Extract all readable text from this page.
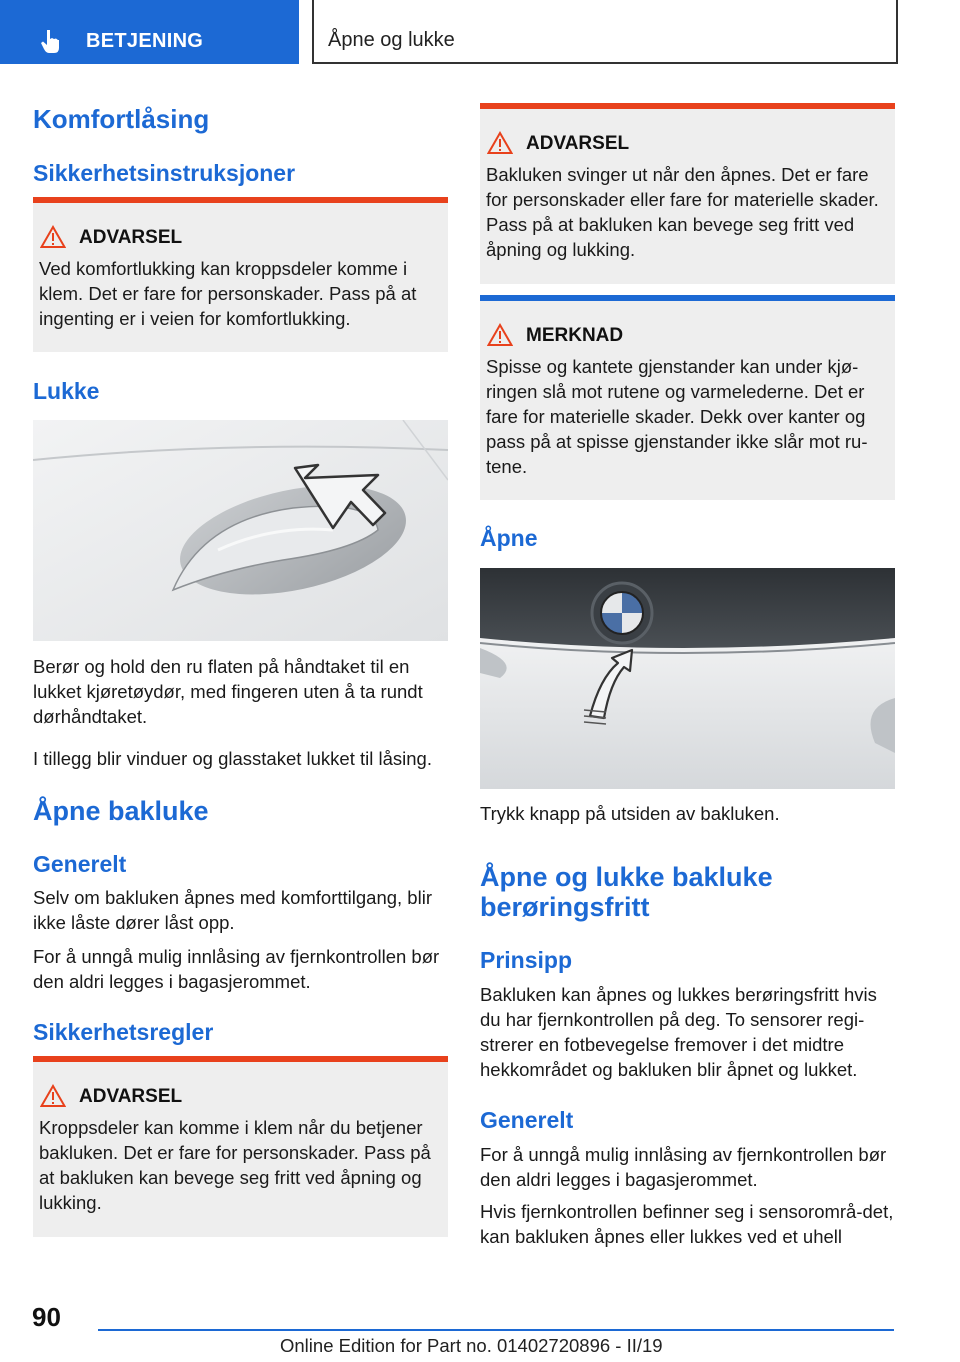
BETJENING	Åpne og lukke
Komfortlåsing
Sikkerhetsinstruksjoner
ADVARSEL
Ved komfortlukking kan kroppsdeler komme i klem. Det er fare for personskader. Pass på at ingenting er i veien for komfortlukking.
Lukke
Berør og hold den ru flaten på håndtaket til en lukket kjøretøydør, med fingeren uten å ta rundt dørhåndtaket.
I tillegg blir vinduer og glasstaket lukket til låsing.
Åpne bakluke
Generelt
Selv om bakluken åpnes med komforttilgang, blir ikke låste dører låst opp.
For å unngå mulig innlåsing av fjernkontrollen bør den aldri legges i bagasjerommet.
Sikkerhetsregler
ADVARSEL
Kroppsdeler kan komme i klem når du betjener bakluken. Det er fare for personskader. Pass på at bakluken kan bevege seg fritt ved åpning og lukking.
ADVARSEL
Bakluken svinger ut når den åpnes. Det er fare for personskader eller fare for materielle skader. Pass på at bakluken kan bevege seg fritt ved åpning og lukking.
MERKNAD
Spisse og kantete gjenstander kan under kjø‐ringen slå mot rutene og varmelederne. Det er fare for materielle skader. Dekk over kanter og pass på at spisse gjenstander ikke slår mot ru‐tene.
Åpne
Trykk knapp på utsiden av bakluken.
Åpne og lukke bakluke
berøringsfritt
Prinsipp
Bakluken kan åpnes og lukkes berøringsfritt hvis du har fjernkontrollen på deg. To sensorer regi‐strerer en fotbevegelse fremover i det midtre hekkområdet og bakluken blir åpnet og lukket.
Generelt
For å unngå mulig innlåsing av fjernkontrollen bør den aldri legges i bagasjerommet.
Hvis fjernkontrollen befinner seg i sensorområ‐det, kan bakluken åpnes eller lukkes ved et uhell
90
Online Edition for Part no. 01402720896 - II/19
